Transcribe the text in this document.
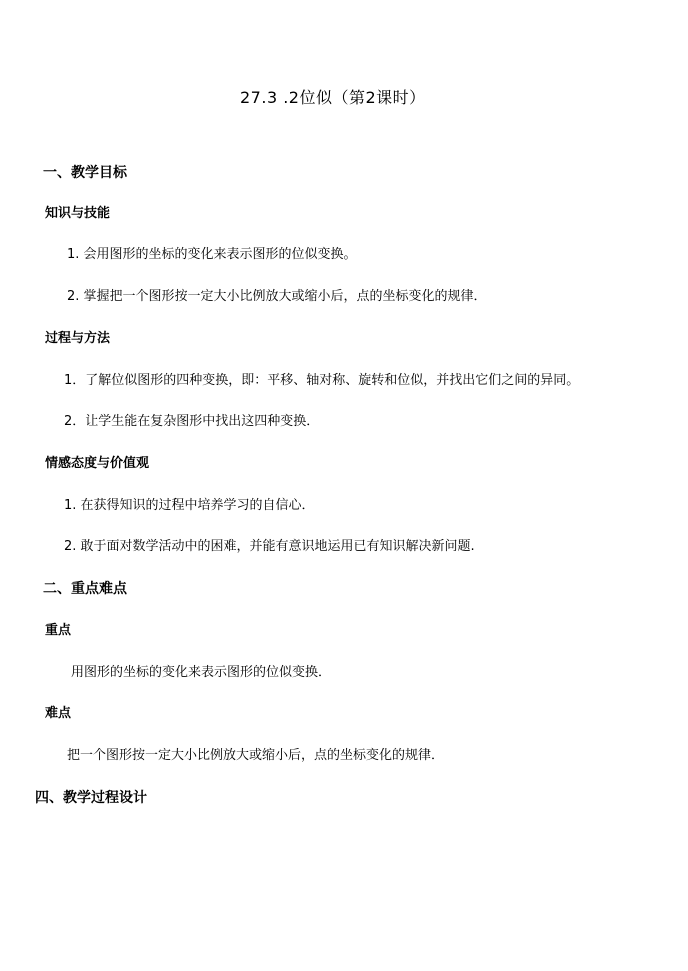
27.3 .2位似（第2课时）
一、教学目标
知识与技能
1. 会用图形的坐标的变化来表示图形的位似变换。
2. 掌握把一个图形按一定大小比例放大或缩小后，点的坐标变化的规律．
过程与方法
1．了解位似图形的四种变换，即：平移、轴对称、旋转和位似，并找出它们之间的异同。
2．让学生能在复杂图形中找出这四种变换．
情感态度与价值观
1. 在获得知识的过程中培养学习的自信心．
2. 敢于面对数学活动中的困难，并能有意识地运用已有知识解决新问题.
二、重点难点
重点
用图形的坐标的变化来表示图形的位似变换．
难点
把一个图形按一定大小比例放大或缩小后，点的坐标变化的规律．
四、教学过程设计
